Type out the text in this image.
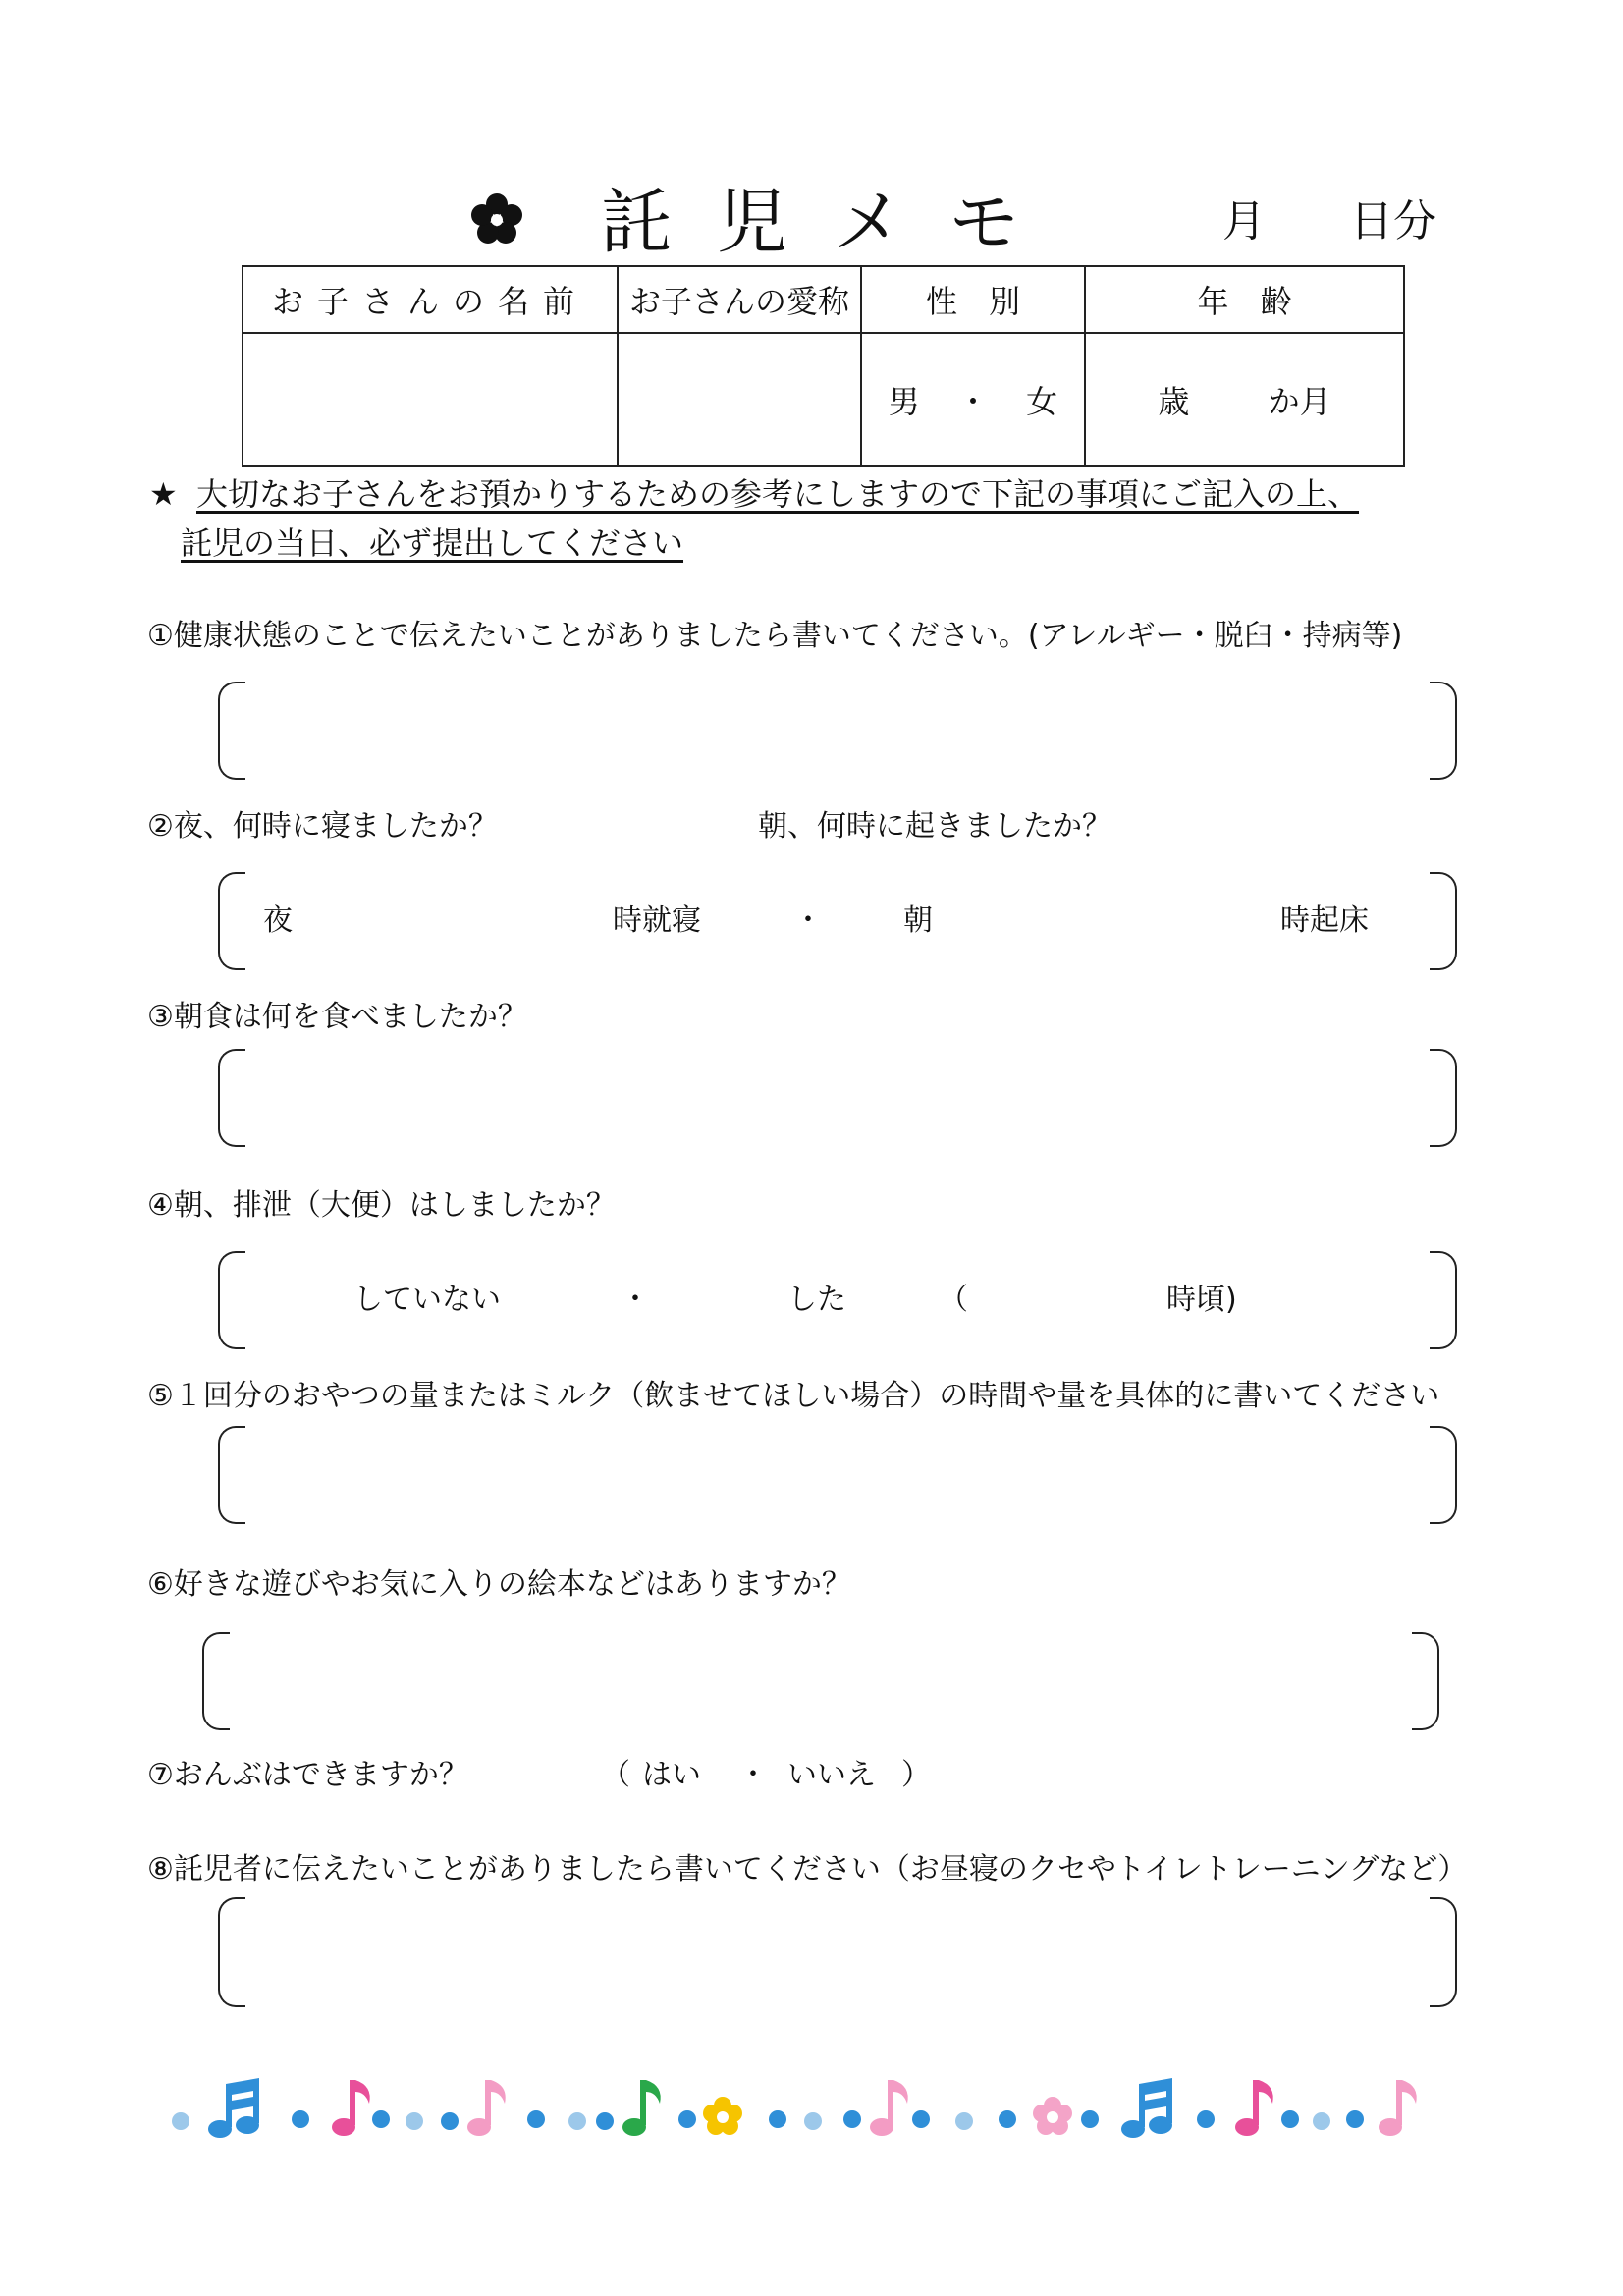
託児メモ	月 日分
お子さんの名前	お子さんの愛称	性　別	年　齢
		男 ・ 女	歳 か月
★ 大切なお子さんをお預かりするための参考にしますので下記の事項にご記入の上、
託児の当日、必ず提出してください
①健康状態のことで伝えたいことがありましたら書いてください。(アレルギー・脱臼・持病等)
②夜、何時に寝ましたか？	朝、何時に起きましたか？
夜	時就寝	・	朝	時起床
③朝食は何を食べましたか？
④朝、排泄（大便）はしましたか？
していない	・	した	（	時頃)
⑤１回分のおやつの量またはミルク（飲ませてほしい場合）の時間や量を具体的に書いてください
⑥好きな遊びやお気に入りの絵本などはありますか？
⑦おんぶはできますか？	（ はい ・ いいえ ）
⑧託児者に伝えたいことがありましたら書いてください（お昼寝のクセやトイレトレーニングなど）
